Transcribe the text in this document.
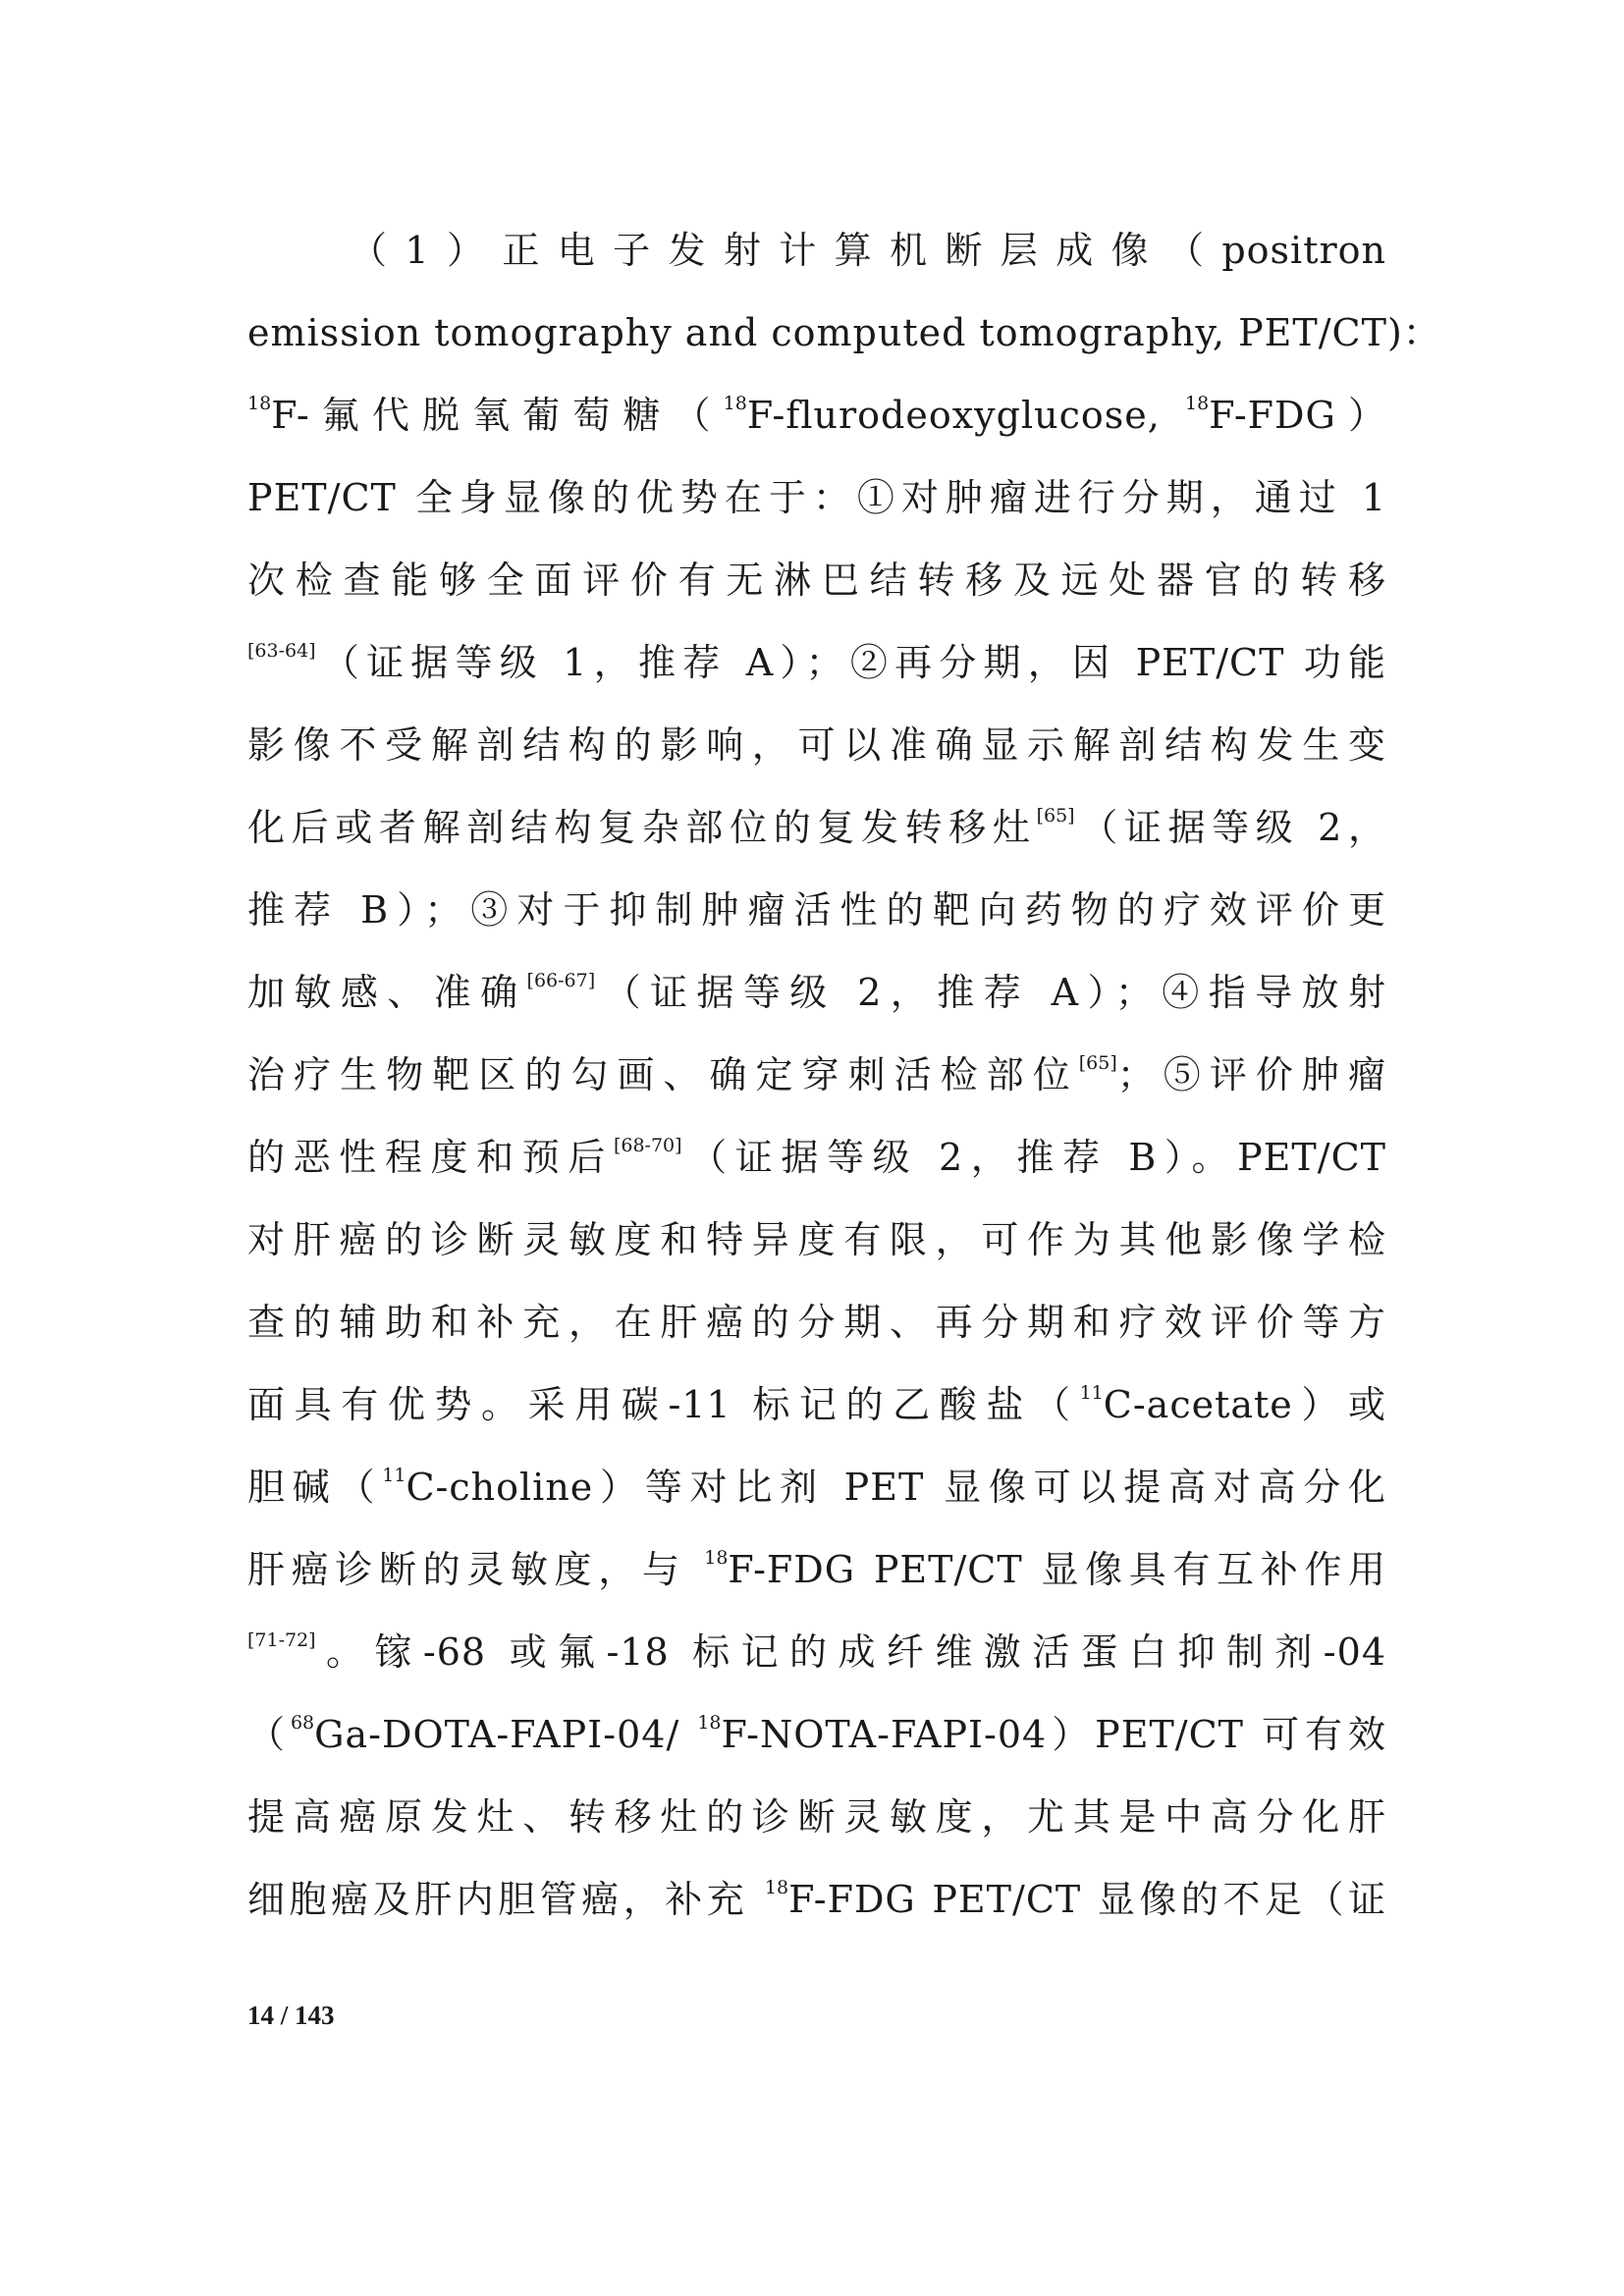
（1）正电子发射计算机断层成像（positron
emission tomography and computed tomography, PET/CT)：
$^{18}$F-氟代脱氧葡萄糖（$^{18}$F-flurodeoxyglucose, $^{18}$F-FDG）
PET/CT 全身显像的优势在于：①对肿瘤进行分期，通过 1
次检查能够全面评价有无淋巴结转移及远处器官的转移
[63-64]（证据等级 1，推荐 A）；②再分期，因 PET/CT 功能
影像不受解剖结构的影响，可以准确显示解剖结构发生变
化后或者解剖结构复杂部位的复发转移灶[65]（证据等级 2，
推荐 B）；③对于抑制肿瘤活性的靶向药物的疗效评价更
加敏感、准确[66-67]（证据等级 2，推荐 A）；④指导放射
治疗生物靶区的勾画、确定穿刺活检部位[65]；⑤评价肿瘤
的恶性程度和预后[68-70]（证据等级 2，推荐 B）。PET/CT
对肝癌的诊断灵敏度和特异度有限，可作为其他影像学检
查的辅助和补充，在肝癌的分期、再分期和疗效评价等方
面具有优势。采用碳-11 标记的乙酸盐（$^{11}$C-acetate）或
胆碱（$^{11}$C-choline）等对比剂 PET 显像可以提高对高分化
肝癌诊断的灵敏度，与 $^{18}$F-FDG PET/CT 显像具有互补作用
[71-72]。镓-68 或氟-18 标记的成纤维激活蛋白抑制剂-04
（$^{68}$Ga-DOTA-FAPI-04/ $^{18}$F-NOTA-FAPI-04）PET/CT 可有效
提高癌原发灶、转移灶的诊断灵敏度，尤其是中高分化肝
细胞癌及肝内胆管癌，补充 $^{18}$F-FDG PET/CT 显像的不足（证
14 / 143
